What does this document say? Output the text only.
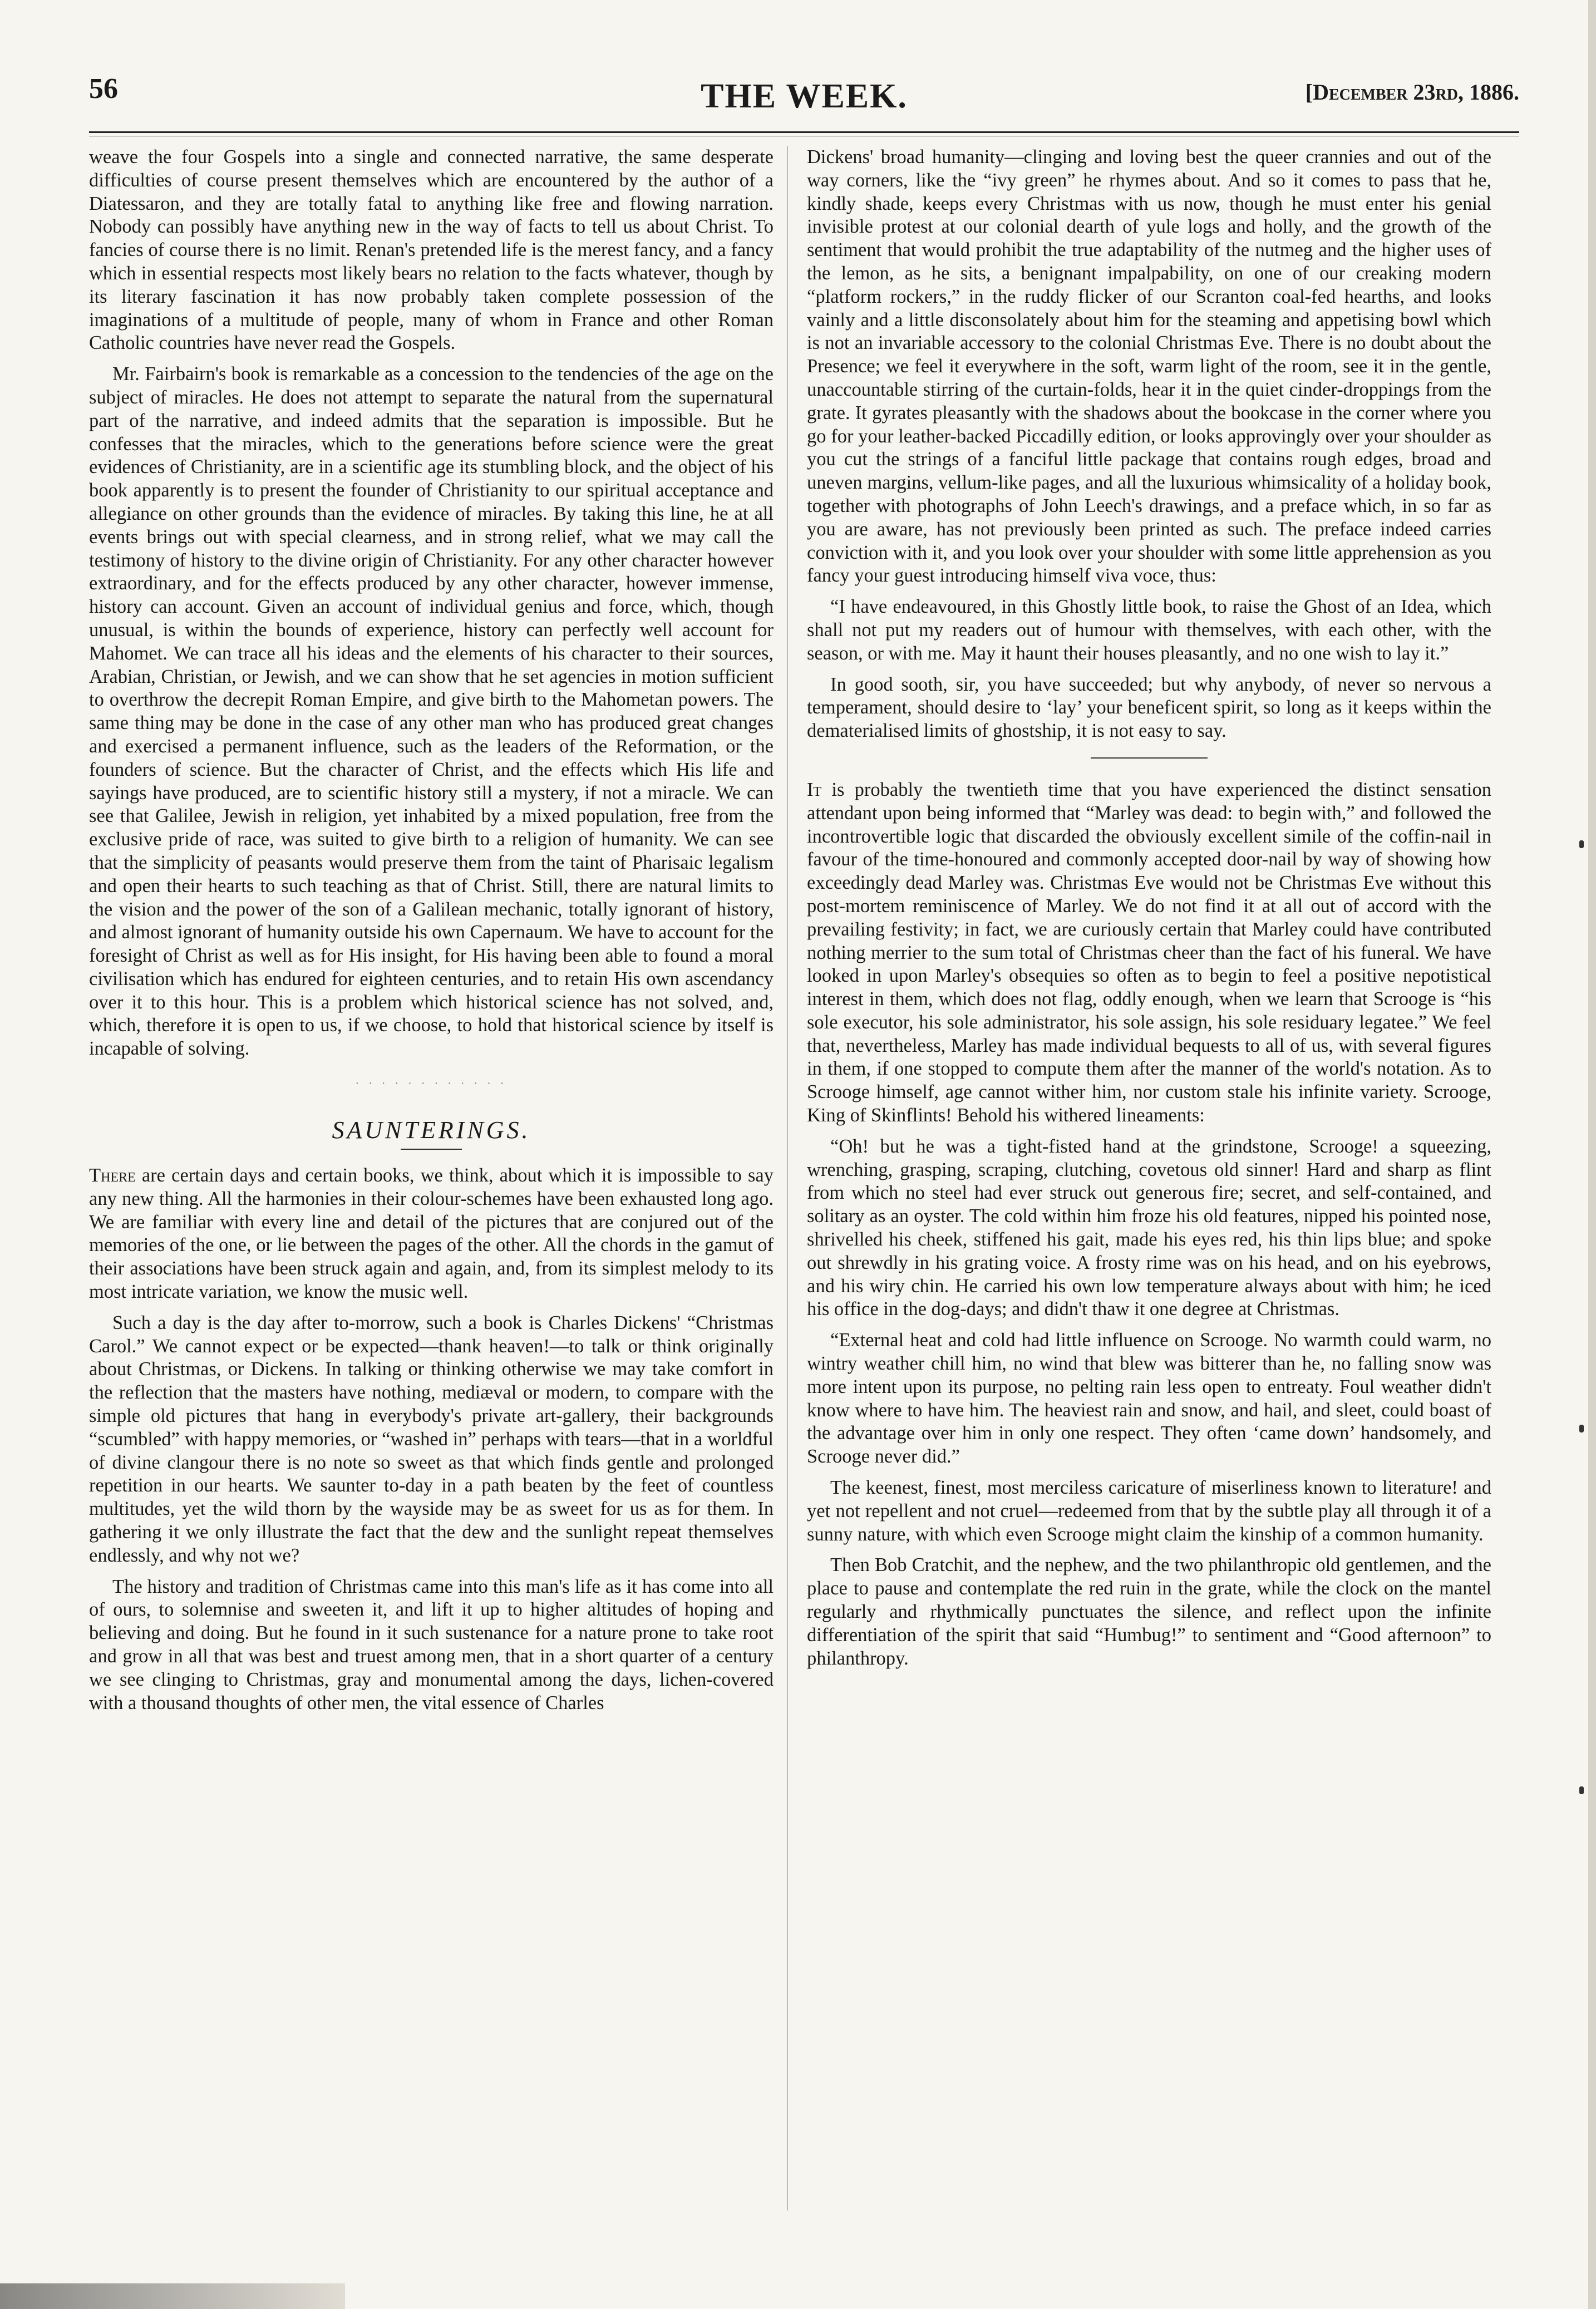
56	THE WEEK.	[December 23rd, 1886.

weave the four Gospels into a single and connected narrative, the same desperate difficulties of course present themselves which are encountered by the author of a Diatessaron, and they are totally fatal to anything like free and flowing narration. Nobody can possibly have anything new in the way of facts to tell us about Christ. To fancies of course there is no limit. Renan's pretended life is the merest fancy, and a fancy which in essential respects most likely bears no relation to the facts whatever, though by its literary fascination it has now probably taken complete possession of the imaginations of a multitude of people, many of whom in France and other Roman Catholic countries have never read the Gospels.

Mr. Fairbairn's book is remarkable as a concession to the tendencies of the age on the subject of miracles. He does not attempt to separate the natural from the supernatural part of the narrative, and indeed admits that the separation is impossible. But he confesses that the miracles, which to the generations before science were the great evidences of Christianity, are in a scientific age its stumbling block, and the object of his book apparently is to present the founder of Christianity to our spiritual acceptance and allegiance on other grounds than the evidence of miracles. By taking this line, he at all events brings out with special clearness, and in strong relief, what we may call the testimony of history to the divine origin of Christianity. For any other character however extraordinary, and for the effects produced by any other character, however immense, history can account. Given an account of individual genius and force, which, though unusual, is within the bounds of experience, history can perfectly well account for Mahomet. We can trace all his ideas and the elements of his character to their sources, Arabian, Christian, or Jewish, and we can show that he set agencies in motion sufficient to overthrow the decrepit Roman Empire, and give birth to the Mahometan powers. The same thing may be done in the case of any other man who has produced great changes and exercised a permanent influence, such as the leaders of the Reformation, or the founders of science. But the character of Christ, and the effects which His life and sayings have produced, are to scientific history still a mystery, if not a miracle. We can see that Galilee, Jewish in religion, yet inhabited by a mixed population, free from the exclusive pride of race, was suited to give birth to a religion of humanity. We can see that the simplicity of peasants would preserve them from the taint of Pharisaic legalism and open their hearts to such teaching as that of Christ. Still, there are natural limits to the vision and the power of the son of a Galilean mechanic, totally ignorant of history, and almost ignorant of humanity outside his own Capernaum. We have to account for the foresight of Christ as well as for His insight, for His having been able to found a moral civilisation which has endured for eighteen centuries, and to retain His own ascendancy over it to this hour. This is a problem which historical science has not solved, and, which, therefore it is open to us, if we choose, to hold that historical science by itself is incapable of solving.

· · · · · · · · · · · ·
SAUNTERINGS.

There are certain days and certain books, we think, about which it is impossible to say any new thing. All the harmonies in their colour-schemes have been exhausted long ago. We are familiar with every line and detail of the pictures that are conjured out of the memories of the one, or lie between the pages of the other. All the chords in the gamut of their associations have been struck again and again, and, from its simplest melody to its most intricate variation, we know the music well.

Such a day is the day after to-morrow, such a book is Charles Dickens' “Christmas Carol.” We cannot expect or be expected—thank heaven!—to talk or think originally about Christmas, or Dickens. In talking or thinking otherwise we may take comfort in the reflection that the masters have nothing, mediæval or modern, to compare with the simple old pictures that hang in everybody's private art-gallery, their backgrounds “scumbled” with happy memories, or “washed in” perhaps with tears—that in a worldful of divine clangour there is no note so sweet as that which finds gentle and prolonged repetition in our hearts. We saunter to-day in a path beaten by the feet of countless multitudes, yet the wild thorn by the wayside may be as sweet for us as for them. In gathering it we only illustrate the fact that the dew and the sunlight repeat themselves endlessly, and why not we?

The history and tradition of Christmas came into this man's life as it has come into all of ours, to solemnise and sweeten it, and lift it up to higher altitudes of hoping and believing and doing. But he found in it such sustenance for a nature prone to take root and grow in all that was best and truest among men, that in a short quarter of a century we see clinging to Christmas, gray and monumental among the days, lichen-covered with a thousand thoughts of other men, the vital essence of Charles

Dickens' broad humanity—clinging and loving best the queer crannies and out of the way corners, like the “ivy green” he rhymes about. And so it comes to pass that he, kindly shade, keeps every Christmas with us now, though he must enter his genial invisible protest at our colonial dearth of yule logs and holly, and the growth of the sentiment that would prohibit the true adaptability of the nutmeg and the higher uses of the lemon, as he sits, a benignant impalpability, on one of our creaking modern “platform rockers,” in the ruddy flicker of our Scranton coal-fed hearths, and looks vainly and a little disconsolately about him for the steaming and appetising bowl which is not an invariable accessory to the colonial Christmas Eve. There is no doubt about the Presence; we feel it everywhere in the soft, warm light of the room, see it in the gentle, unaccountable stirring of the curtain-folds, hear it in the quiet cinder-droppings from the grate. It gyrates pleasantly with the shadows about the bookcase in the corner where you go for your leather-backed Piccadilly edition, or looks approvingly over your shoulder as you cut the strings of a fanciful little package that contains rough edges, broad and uneven margins, vellum-like pages, and all the luxurious whimsicality of a holiday book, together with photographs of John Leech's drawings, and a preface which, in so far as you are aware, has not previously been printed as such. The preface indeed carries conviction with it, and you look over your shoulder with some little apprehension as you fancy your guest introducing himself viva voce, thus:

“I have endeavoured, in this Ghostly little book, to raise the Ghost of an Idea, which shall not put my readers out of humour with themselves, with each other, with the season, or with me. May it haunt their houses pleasantly, and no one wish to lay it.”

In good sooth, sir, you have succeeded; but why anybody, of never so nervous a temperament, should desire to ‘lay’ your beneficent spirit, so long as it keeps within the dematerialised limits of ghostship, it is not easy to say.

It is probably the twentieth time that you have experienced the distinct sensation attendant upon being informed that “Marley was dead: to begin with,” and followed the incontrovertible logic that discarded the obviously excellent simile of the coffin-nail in favour of the time-honoured and commonly accepted door-nail by way of showing how exceedingly dead Marley was. Christmas Eve would not be Christmas Eve without this post-mortem reminiscence of Marley. We do not find it at all out of accord with the prevailing festivity; in fact, we are curiously certain that Marley could have contributed nothing merrier to the sum total of Christmas cheer than the fact of his funeral. We have looked in upon Marley's obsequies so often as to begin to feel a positive nepotistical interest in them, which does not flag, oddly enough, when we learn that Scrooge is “his sole executor, his sole administrator, his sole assign, his sole residuary legatee.” We feel that, nevertheless, Marley has made individual bequests to all of us, with several figures in them, if one stopped to compute them after the manner of the world's notation. As to Scrooge himself, age cannot wither him, nor custom stale his infinite variety. Scrooge, King of Skinflints! Behold his withered lineaments:

“Oh! but he was a tight-fisted hand at the grindstone, Scrooge! a squeezing, wrenching, grasping, scraping, clutching, covetous old sinner! Hard and sharp as flint from which no steel had ever struck out generous fire; secret, and self-contained, and solitary as an oyster. The cold within him froze his old features, nipped his pointed nose, shrivelled his cheek, stiffened his gait, made his eyes red, his thin lips blue; and spoke out shrewdly in his grating voice. A frosty rime was on his head, and on his eyebrows, and his wiry chin. He carried his own low temperature always about with him; he iced his office in the dog-days; and didn't thaw it one degree at Christmas.

“External heat and cold had little influence on Scrooge. No warmth could warm, no wintry weather chill him, no wind that blew was bitterer than he, no falling snow was more intent upon its purpose, no pelting rain less open to entreaty. Foul weather didn't know where to have him. The heaviest rain and snow, and hail, and sleet, could boast of the advantage over him in only one respect. They often ‘came down’ handsomely, and Scrooge never did.”

The keenest, finest, most merciless caricature of miserliness known to literature! and yet not repellent and not cruel—redeemed from that by the subtle play all through it of a sunny nature, with which even Scrooge might claim the kinship of a common humanity.

Then Bob Cratchit, and the nephew, and the two philanthropic old gentlemen, and the place to pause and contemplate the red ruin in the grate, while the clock on the mantel regularly and rhythmically punctuates the silence, and reflect upon the infinite differentiation of the spirit that said “Humbug!” to sentiment and “Good afternoon” to philanthropy.
